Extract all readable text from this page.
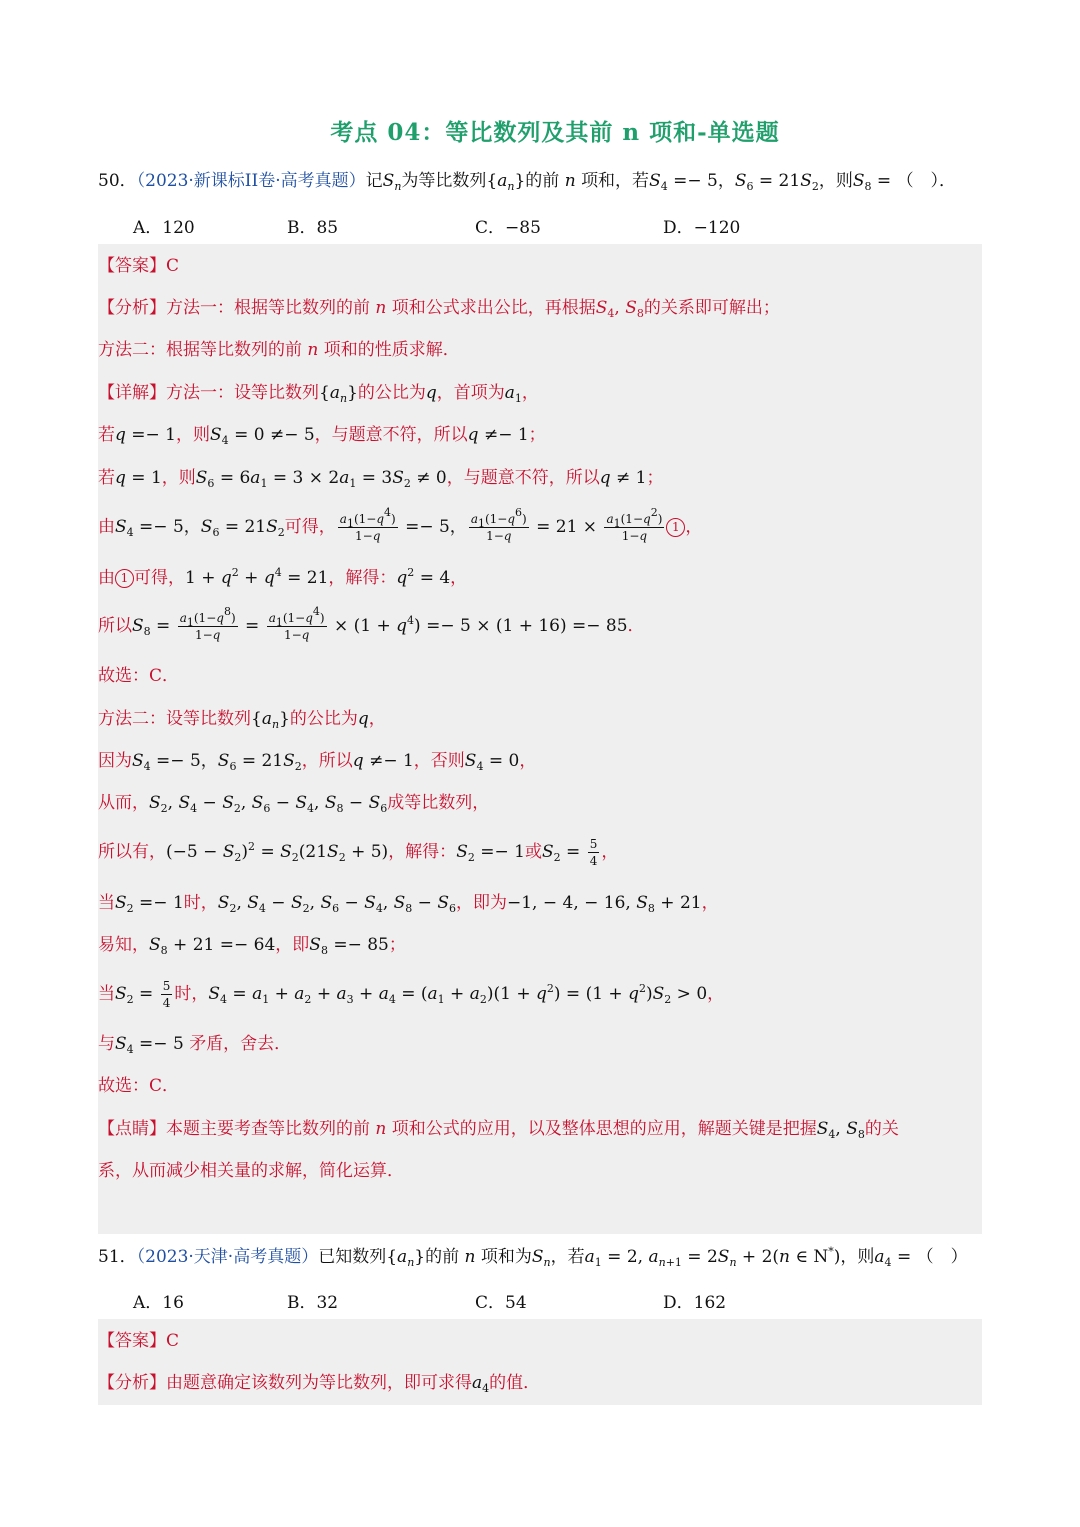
考点 04：等比数列及其前 n 项和-单选题
50．（2023·新课标II卷·高考真题）记$S_n$为等比数列$\{a_n\}$的前 n 项和，若$S_4 =- 5$，$S_6 = 21S_2$，则$S_8$ = （　）．
A．120	B．85	C．−85	D．−120
【答案】C
【分析】方法一：根据等比数列的前 n 项和公式求出公比，再根据$S_4$, $S_8$的关系即可解出；
方法二：根据等比数列的前 n 项和的性质求解．
【详解】方法一：设等比数列$\{a_n\}$的公比为q，首项为$a_1$，
若q =− 1，则$S_4 = 0 \ne- 5$，与题意不符，所以q ≠− 1；
若q = 1，则$S_6 = 6a_1 = 3 \times 2a_1 = 3S_2 \ne 0$，与题意不符，所以q ≠ 1；
由$S_4 =- 5$，$S_6 = 21S_2$可得， $\frac{a_1(1-q^4)}{1-q} =- 5$， $\frac{a_1(1-q^6)}{1-q} = 21 \times \frac{a_1(1-q^2)}{1-q} 1$ ，
由 1 可得，$1 + q^2 + q^4 = 21$，解得：$q^2 = 4$，
所以$S_8 = \frac{a_1(1-q^8)}{1-q} = \frac{a_1(1-q^4)}{1-q} \times (1 + q^4) =- 5 \times (1 + 16) =- 85$．
故选：C．
方法二：设等比数列$\{a_n\}$的公比为q，
因为$S_4 =- 5$，$S_6 = 21S_2$，所以q ≠− 1，否则$S_4 = 0$，
从而，$S_2$, $S_4 - S_2$, $S_6 - S_4$, $S_8 - S_6$成等比数列，
所以有，$(-5 - S_2)^2 = S_2(21S_2 + 5)$，解得：$S_2 =- 1$或$S_2 = \frac{5}{4}$ ，
当$S_2 =- 1$时，$S_2$, $S_4 - S_2$, $S_6 - S_4$, $S_8 - S_6$，即为−1, − 4, − 16, $S_8 + 21$，
易知，$S_8 + 21 =- 64$，即$S_8 =- 85$；
当$S_2 = \frac{5}{4}$ 时，$S_4 = a_1 + a_2 + a_3 + a_4 = (a_1 + a_2)(1 + q^2) = (1 + q^2)S_2 > 0$，
与$S_4 =- 5$ 矛盾，舍去．
故选：C．
【点睛】本题主要考查等比数列的前 n 项和公式的应用，以及整体思想的应用，解题关键是把握$S_4$, $S_8$的关
系，从而减少相关量的求解，简化运算．
51．（2023·天津·高考真题）已知数列$\{a_n\}$的前 n 项和为$S_n$，若$a_1 = 2$, $a_{n+1} = 2S_n + 2(n$ ∈ N*)，则$a_4$ = （　）
A．16	B．32	C．54	D．162
【答案】C
【分析】由题意确定该数列为等比数列，即可求得$a_4$的值．
